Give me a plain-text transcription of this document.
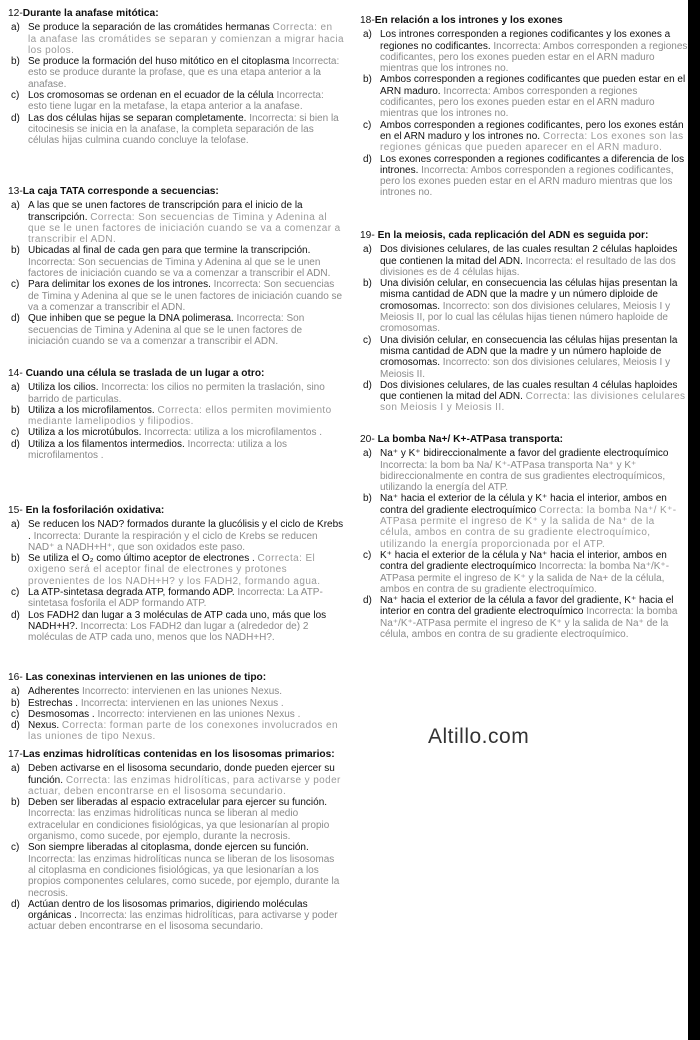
12-Durante la anafase mitótica:
a) Se produce la separación de las cromátides hermanas Correcta: en la anafase las cromátides se separan y comienzan a migrar hacia los polos.
b) Se produce la formación del huso mitótico en el citoplasma Incorrecta: esto se produce durante la profase, que es una etapa anterior a la anafase.
c) Los cromosomas se ordenan en el ecuador de la célula Incorrecta: esto tiene lugar en la metafase, la etapa anterior a la anafase.
d) Las dos células hijas se separan completamente. Incorrecta: si bien la citocinesis se inicia en la anafase, la completa separación de las células hijas culmina cuando concluye la telofase.
13-La caja TATA corresponde a secuencias:
a) A las que se unen factores de transcripción para el inicio de la transcripción. Correcta: Son secuencias de Timina y Adenina al que se le unen factores de iniciación cuando se va a comenzar a transcribir el ADN.
b) Ubicadas al final de cada gen para que termine la transcripción. Incorrecta: Son secuencias de Timina y Adenina al que se le unen factores de iniciación cuando se va a comenzar a transcribir el ADN.
c) Para delimitar los exones de los intrones. Incorrecta: Son secuencias de Timina y Adenina al que se le unen factores de iniciación cuando se va a comenzar a transcribir el ADN.
d) Que inhiben que se pegue la DNA polimerasa. Incorrecta: Son secuencias de Timina y Adenina al que se le unen factores de iniciación cuando se va a comenzar a transcribir el ADN.
14- Cuando una célula se traslada de un lugar a otro:
a) Utiliza los cilios. Incorrecta: los cilios no permiten la traslación, sino barrido de particulas.
b) Utiliza a los microfilamentos. Correcta: ellos permiten movimiento mediante lamelipodios y filipodios.
c) Utiliza a los microtúbulos. Incorrecta: utiliza a los microfilamentos .
d) Utiliza a los filamentos intermedios. Incorrecta: utiliza a los microfilamentos .
15- En la fosforilación oxidativa:
a) Se reducen los NAD? formados durante la glucólisis y el ciclo de Krebs . Incorrecta: Durante la respiración y el ciclo de Krebs se reducen NAD⁺ a NADH+H⁺, que son oxidados este paso.
b) Se utiliza el O₂ como último aceptor de electrones . Correcta: El oxigeno será el aceptor final de electrones y protones provenientes de los NADH+H? y los FADH2, formando agua.
c) La ATP-sintetasa degrada ATP, formando ADP. Incorrecta: La ATP-sintetasa fosforila el ADP formando ATP.
d) Los FADH2 dan lugar a 3 moléculas de ATP cada uno, más que los NADH+H?. Incorrecta: Los FADH2 dan lugar a (alrededor de) 2 moléculas de ATP cada uno, menos que los NADH+H?.
16- Las conexinas intervienen en las uniones de tipo:
a) Adherentes Incorrecto: intervienen en las uniones Nexus.
b) Estrechas . Incorrecta: intervienen en las uniones Nexus .
c) Desmosomas . Incorrecto: intervienen en las uniones Nexus .
d) Nexus. Correcta: forman parte de los conexones involucrados en las uniones de tipo Nexus.
17-Las enzimas hidrolíticas contenidas en los lisosomas primarios:
a) Deben activarse en el lisosoma secundario, donde pueden ejercer su función. Correcta: las enzimas hidrolíticas, para activarse y poder actuar, deben encontrarse en el lisosoma secundario.
b) Deben ser liberadas al espacio extracelular para ejercer su función. Incorrecta: las enzimas hidrolíticas nunca se liberan al medio extracelular en condiciones fisiológicas, ya que lesionarían al propio organismo, como sucede, por ejemplo, durante la necrosis.
c) Son siempre liberadas al citoplasma, donde ejercen su función. Incorrecta: las enzimas hidrolíticas nunca se liberan de los lisosomas al citoplasma en condiciones fisiológicas, ya que lesionarían a los propios componentes celulares, como sucede, por ejemplo, durante la necrosis.
d) Actúan dentro de los lisosomas primarios, digiriendo moléculas orgánicas . Incorrecta: las enzimas hidrolíticas, para activarse y poder actuar deben encontrarse en el lisosoma secundario.
18-En relación a los intrones y los exones
a) Los intrones corresponden a regiones codificantes y los exones a regiones no codificantes. Incorrecta: Ambos corresponden a regiones codificantes, pero los exones pueden estar en el ARN maduro mientras que los intrones no.
b) Ambos corresponden a regiones codificantes que pueden estar en el ARN maduro. Incorrecta: Ambos corresponden a regiones codificantes, pero los exones pueden estar en el ARN maduro mientras que los intrones no.
c) Ambos corresponden a regiones codificantes, pero los exones están en el ARN maduro y los intrones no. Correcta: Los exones son las regiones génicas que pueden aparecer en el ARN maduro.
d) Los exones corresponden a regiones codificantes a diferencia de los intrones. Incorrecta: Ambos corresponden a regiones codificantes, pero los exones pueden estar en el ARN maduro mientras que los intrones no.
19- En la meiosis, cada replicación del ADN es seguida por:
a) Dos divisiones celulares, de las cuales resultan 2 células haploides que contienen la mitad del ADN. Incorrecta: el resultado de las dos divisiones es de 4 células hijas.
b) Una división celular, en consecuencia las células hijas presentan la misma cantidad de ADN que la madre y un número diploide de cromosomas. Incorrecto: son dos divisiones celulares, Meiosis I y Meiosis II, por lo cual las células hijas tienen número haploide de cromosomas.
c) Una división celular, en consecuencia las células hijas presentan la misma cantidad de ADN que la madre y un número haploide de cromosomas. Incorrecto: son dos divisiones celulares, Meiosis I y Meiosis II.
d) Dos divisiones celulares, de las cuales resultan 4 células haploides que contienen la mitad del ADN. Correcta: las divisiones celulares son Meiosis I y Meiosis II.
20- La bomba Na+/ K+-ATPasa transporta:
a) Na⁺ y K⁺ bidireccionalmente a favor del gradiente electroquímico Incorrecta: la bom ba Na/ K⁺-ATPasa transporta Na⁺ y K⁺ bidireccionalmente en contra de sus gradientes electroquímicos, utilizando la energía del ATP.
b) Na⁺ hacia el exterior de la célula y K⁺ hacia el interior, ambos en contra del gradiente electroquímico Correcta: la bomba Na⁺/ K⁺-ATPasa permite el ingreso de K⁺ y la salida de Na⁺ de la célula, ambos en contra de su gradiente electroquímico, utilizando la energía proporcionada por el ATP.
c) K⁺ hacia el exterior de la célula y Na⁺ hacia el interior, ambos en contra del gradiente electroquímico Incorrecta: la bomba Na⁺/K⁺-ATPasa permite el ingreso de K⁺ y la salida de Na+ de la célula, ambos en contra de su gradiente electroquímico.
d) Na⁺ hacia el exterior de la célula a favor del gradiente, K⁺ hacia el interior en contra del gradiente electroquímico Incorrecta: la bomba Na⁺/K⁺-ATPasa permite el ingreso de K⁺ y la salida de Na⁺ de la célula, ambos en contra de su gradiente electroquímico.
Altillo.com
